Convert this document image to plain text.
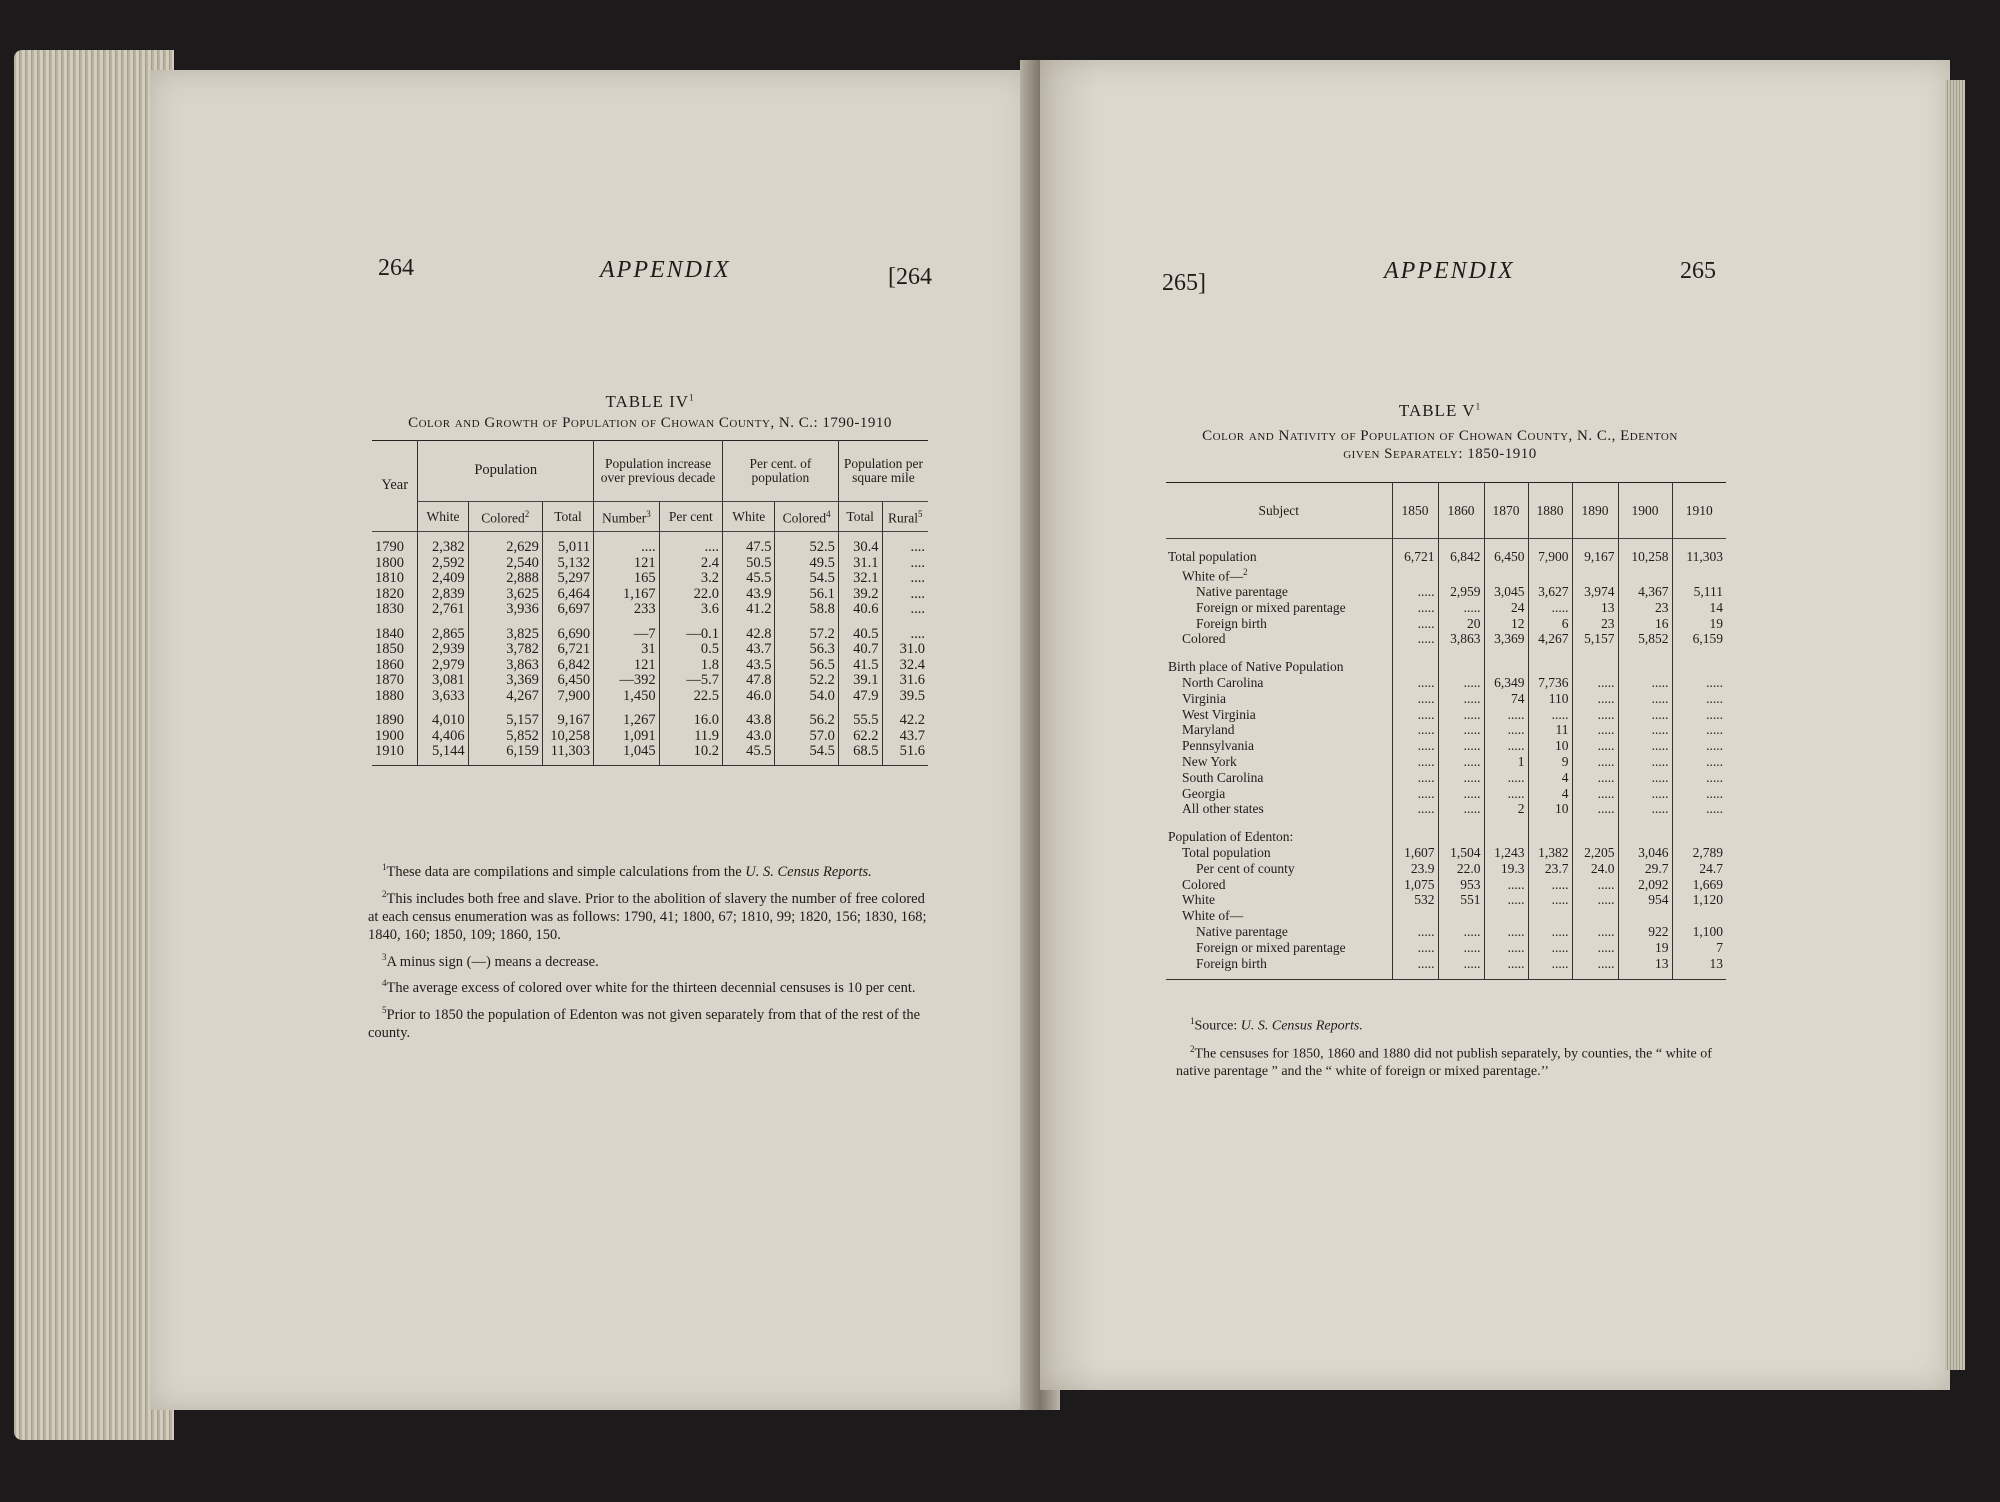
264	APPENDIX	[264
TABLE $IV^1$
Color and Growth of Population of Chowan County, N. C.: 1790-1910
Year	Population			Population increase over previous decade		Per cent. of population		Population per square mile	
	White	Colored$^2$	Total	Number$^3$	Per cent	White	Colored$^4$	Total	Rural$^5$
1790	2,382	2,629	5,011	....	....	47.5	52.5	30.4	....
1800	2,592	2,540	5,132	121	2.4	50.5	49.5	31.1	....
1810	2,409	2,888	5,297	165	3.2	45.5	54.5	32.1	....
1820	2,839	3,625	6,464	1,167	22.0	43.9	56.1	39.2	....
1830	2,761	3,936	6,697	233	3.6	41.2	58.8	40.6	....
1840	2,865	3,825	6,690	—7	—0.1	42.8	57.2	40.5	....
1850	2,939	3,782	6,721	31	0.5	43.7	56.3	40.7	31.0
1860	2,979	3,863	6,842	121	1.8	43.5	56.5	41.5	32.4
1870	3,081	3,369	6,450	—392	—5.7	47.8	52.2	39.1	31.6
1880	3,633	4,267	7,900	1,450	22.5	46.0	54.0	47.9	39.5
1890	4,010	5,157	9,167	1,267	16.0	43.8	56.2	55.5	42.2
1900	4,406	5,852	10,258	1,091	11.9	43.0	57.0	62.2	43.7
1910	5,144	6,159	11,303	1,045	10.2	45.5	54.5	68.5	51.6

$^1$These data are compilations and simple calculations from the U. S. Census Reports.

$^2$This includes both free and slave. Prior to the abolition of slavery the number of free colored at each census enumeration was as follows: 1790, 41; 1800, 67; 1810, 99; 1820, 156; 1830, 168; 1840, 160; 1850, 109; 1860, 150.

$^3$A minus sign (—) means a decrease.

$^4$The average excess of colored over white for the thirteen decennial censuses is 10 per cent.

$^5$Prior to 1850 the population of Edenton was not given separately from that of the rest of the county.

265]	APPENDIX	265
TABLE $V^1$
Color and Nativity of Population of Chowan County, N. C., Edenton
given Separately: 1850-1910
Subject	1850	1860	1870	1880	1890	1900	1910
Total population	6,721	6,842	6,450	7,900	9,167	10,258	11,303
White of—$^2$							
Native parentage	.....	2,959	3,045	3,627	3,974	4,367	5,111
Foreign or mixed parentage	.....	.....	24	.....	13	23	14
Foreign birth	.....	20	12	6	23	16	19
Colored	.....	3,863	3,369	4,267	5,157	5,852	6,159

Birth place of Native Population							
North Carolina	.....	.....	6,349	7,736	.....	.....	.....
Virginia	.....	.....	74	110	.....	.....	.....
West Virginia	.....	.....	.....	.....	.....	.....	.....
Maryland	.....	.....	.....	11	.....	.....	.....
Pennsylvania	.....	.....	.....	10	.....	.....	.....
New York	.....	.....	1	9	.....	.....	.....
South Carolina	.....	.....	.....	4	.....	.....	.....
Georgia	.....	.....	.....	4	.....	.....	.....
All other states	.....	.....	2	10	.....	.....	.....

Population of Edenton:							
Total population	1,607	1,504	1,243	1,382	2,205	3,046	2,789
Per cent of county	23.9	22.0	19.3	23.7	24.0	29.7	24.7
Colored	1,075	953	.....	.....	.....	2,092	1,669
White	532	551	.....	.....	.....	954	1,120
White of—							
Native parentage	.....	.....	.....	.....	.....	922	1,100
Foreign or mixed parentage	.....	.....	.....	.....	.....	19	7
Foreign birth	.....	.....	.....	.....	.....	13	13

$^1$Source: U. S. Census Reports.

$^2$The censuses for 1850, 1860 and 1880 did not publish separately, by counties, the “ white of native parentage ” and the “ white of foreign or mixed parentage.’’
